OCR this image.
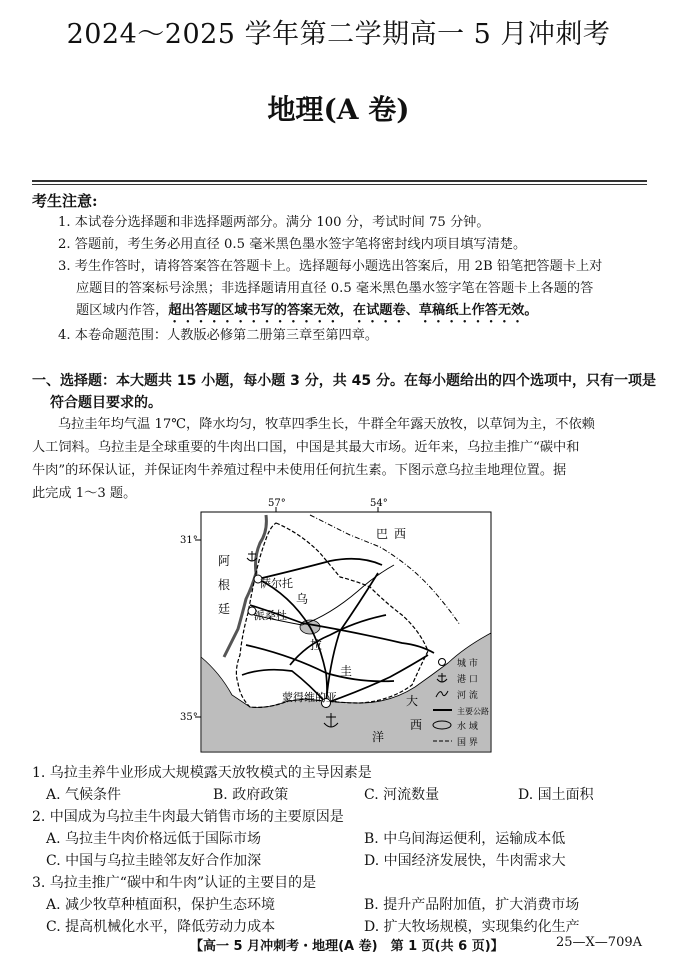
2024～2025 学年第二学期高一 5 月冲刺考
地理(A 卷)
考生注意:
1. 本试卷分选择题和非选择题两部分。满分 100 分，考试时间 75 分钟。
2. 答题前，考生务必用直径 0.5 毫米黑色墨水签字笔将密封线内项目填写清楚。
3. 考生作答时，请将答案答在答题卡上。选择题每小题选出答案后，用 2B 铅笔把答题卡上对
应题目的答案标号涂黑；非选择题请用直径 0.5 毫米黑色墨水签字笔在答题卡上各题的答
题区域内作答，超出答题区域书写的答案无效，在试题卷、草稿纸上作答无效。
4. 本卷命题范围：人教版必修第二册第三章至第四章。
一、选择题：本大题共 15 小题，每小题 3 分，共 45 分。在每小题给出的四个选项中，只有一项是
符合题目要求的。
乌拉圭年均气温 17℃，降水均匀，牧草四季生长，牛群全年露天放牧，以草饲为主，不依赖
人工饲料。乌拉圭是全球重要的牛肉出口国，中国是其最大市场。近年来，乌拉圭推广“碳中和
牛肉”的环保认证，并保证肉牛养殖过程中未使用任何抗生素。下图示意乌拉圭地理位置。据
此完成 1～3 题。
57°	54°
31°
35°
巴 西
阿
根
廷
萨尔托
派桑杜
乌
拉
圭
蒙得维的亚	大
西
洋
城 市
港 口
河 流
主要公路
水 域
国 界
1. 乌拉圭养牛业形成大规模露天放牧模式的主导因素是
A. 气候条件	B. 政府政策	C. 河流数量	D. 国土面积
2. 中国成为乌拉圭牛肉最大销售市场的主要原因是
A. 乌拉圭牛肉价格远低于国际市场	B. 中乌间海运便利，运输成本低
C. 中国与乌拉圭睦邻友好合作加深	D. 中国经济发展快，牛肉需求大
3. 乌拉圭推广“碳中和牛肉”认证的主要目的是
A. 减少牧草种植面积，保护生态环境	B. 提升产品附加值，扩大消费市场
C. 提高机械化水平，降低劳动力成本	D. 扩大牧场规模，实现集约化生产
【高一 5 月冲刺考・地理(A 卷)　第 1 页(共 6 页)】	25—X—709A
